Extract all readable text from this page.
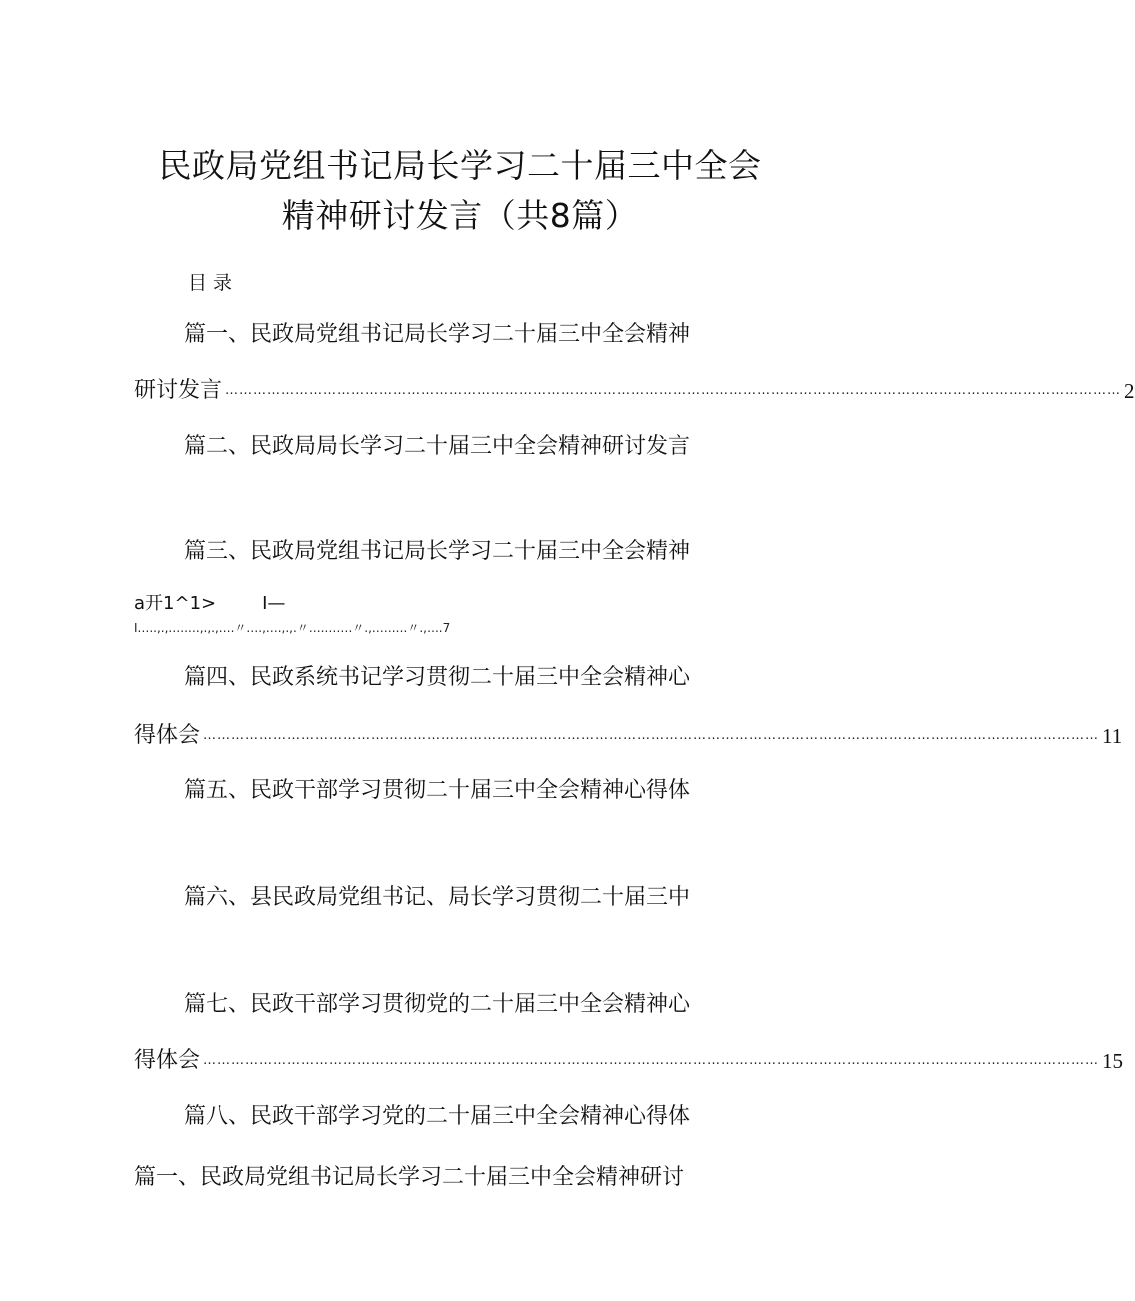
民政局党组书记局长学习二十届三中全会
精神研讨发言（共8篇）
目录
篇一、民政局党组书记局长学习二十届三中全会精神
研讨发言 ………………………………………………………………………………………………………………………………………………………………………… 2
篇二、民政局局长学习二十届三中全会精神研讨发言
篇三、民政局党组书记局长学习二十届三中全会精神
a开1^1>	I—
I.‥..,.,.‥..‥.,.,.,.‥.〃.‥.,.‥.,.,.〃‥..‥‥‥.〃.,.‥‥.‥.〃.,‥..7
篇四、民政系统书记学习贯彻二十届三中全会精神心
得体会 ………………………………………………………………………………………………………………………………………………………………………… 11
篇五、民政干部学习贯彻二十届三中全会精神心得体
篇六、县民政局党组书记、局长学习贯彻二十届三中
篇七、民政干部学习贯彻党的二十届三中全会精神心
得体会 ………………………………………………………………………………………………………………………………………………………………………… 15
篇八、民政干部学习党的二十届三中全会精神心得体
篇一、民政局党组书记局长学习二十届三中全会精神研讨
